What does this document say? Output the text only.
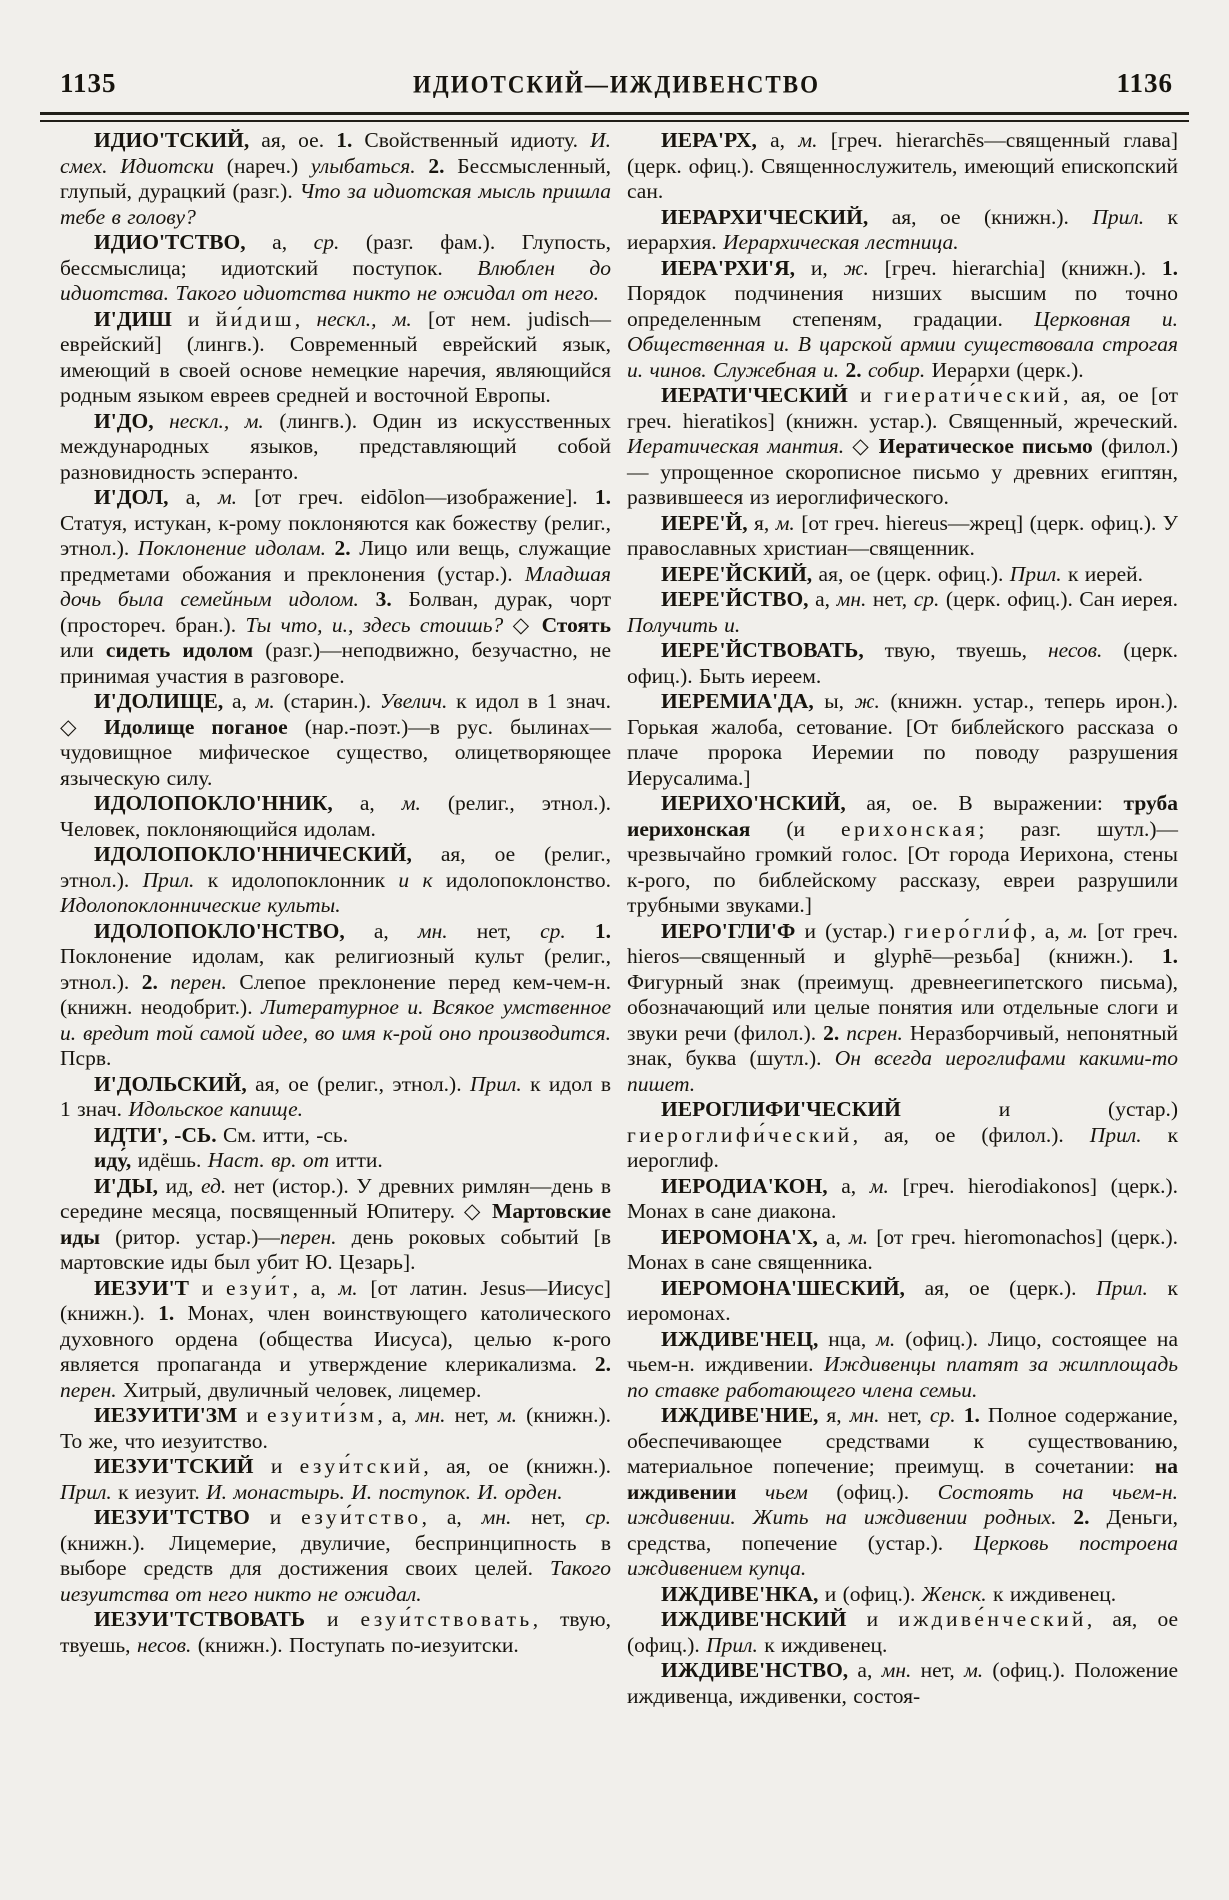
1135	ИДИОТСКИЙ—ИЖДИВЕНСТВО	1136

ИДИО'ТСКИЙ, ая, ое. 1. Свойственный идиоту. И. смех. Идиотски (нареч.) улыбаться. 2. Бессмысленный, глупый, дурацкий (разг.). Что за идиотская мысль пришла тебе в голову?

ИДИО'ТСТВО, а, ср. (разг. фам.). Глупость, бессмыслица; идиотский поступок. Влюблен до идиотства. Такого идиотства никто не ожидал от него.

И'ДИШ и йи́диш, нескл., м. [от нем. judisch—еврейский] (лингв.). Современный еврейский язык, имеющий в своей основе немецкие наречия, являющийся родным языком евреев средней и восточной Европы.

И'ДО, нескл., м. (лингв.). Один из искусственных международных языков, представляющий собой разновидность эсперанто.

И'ДОЛ, а, м. [от греч. eidōlon—изображение]. 1. Статуя, истукан, к-рому поклоняются как божеству (религ., этнол.). Поклонение идолам. 2. Лицо или вещь, служащие предметами обожания и преклонения (устар.). Младшая дочь была семейным идолом. 3. Болван, дурак, чорт (простореч. бран.). Ты что, и., здесь стоишь? ◇ Стоять или сидеть идолом (разг.)—неподвижно, безучастно, не принимая участия в разговоре.

И'ДОЛИЩЕ, а, м. (старин.). Увелич. к идол в 1 знач. ◇ Идолище поганое (нар.-поэт.)—в рус. былинах—чудовищное мифическое существо, олицетворяющее языческую силу.

ИДОЛОПОКЛО'ННИК, а, м. (религ., этнол.). Человек, поклоняющийся идолам.

ИДОЛОПОКЛО'ННИЧЕСКИЙ, ая, ое (религ., этнол.). Прил. к идолопоклонник и к идолопоклонство. Идолопоклоннические культы.

ИДОЛОПОКЛО'НСТВО, а, мн. нет, ср. 1. Поклонение идолам, как религиозный культ (религ., этнол.). 2. перен. Слепое преклонение перед кем-чем-н. (книжн. неодобрит.). Литературное и. Всякое умственное и. вредит той самой идее, во имя к-рой оно производится. Псрв.

И'ДОЛЬСКИЙ, ая, ое (религ., этнол.). Прил. к идол в 1 знач. Идольское капище.

ИДТИ', -СЬ. См. итти, -сь.

иду́, идёшь. Наст. вр. от итти.

И'ДЫ, ид, ед. нет (истор.). У древних римлян—день в середине месяца, посвященный Юпитеру. ◇ Мартовские иды (ритор. устар.)—перен. день роковых событий [в мартовские иды был убит Ю. Цезарь].

ИЕЗУИ'Т и езуи́т, а, м. [от латин. Jesus—Иисус] (книжн.). 1. Монах, член воинствующего католического духовного ордена (общества Иисуса), целью к-рого является пропаганда и утверждение клерикализма. 2. перен. Хитрый, двуличный человек, лицемер.

ИЕЗУИТИ'ЗМ и езуити́зм, а, мн. нет, м. (книжн.). То же, что иезуитство.

ИЕЗУИ'ТСКИЙ и езуи́тский, ая, ое (книжн.). Прил. к иезуит. И. монастырь. И. поступок. И. орден.

ИЕЗУИ'ТСТВО и езуи́тство, а, мн. нет, ср. (книжн.). Лицемерие, двуличие, беспринципность в выборе средств для достижения своих целей. Такого иезуитства от него никто не ожидал.

ИЕЗУИ'ТСТВОВАТЬ и езуи́тствовать, твую, твуешь, несов. (книжн.). Поступать по-иезуитски.

ИЕРА'РХ, а, м. [греч. hierarchēs—священный глава] (церк. офиц.). Священнослужитель, имеющий епископский сан.

ИЕРАРХИ'ЧЕСКИЙ, ая, ое (книжн.). Прил. к иерархия. Иерархическая лестница.

ИЕРА'РХИ'Я, и, ж. [греч. hierarchia] (книжн.). 1. Порядок подчинения низших высшим по точно определенным степеням, градации. Церковная и. Общественная и. В царской армии существовала строгая и. чинов. Служебная и. 2. собир. Иерархи (церк.).

ИЕРАТИ'ЧЕСКИЙ и гиерати́ческий, ая, ое [от греч. hieratikos] (книжн. устар.). Священный, жреческий. Иератическая мантия. ◇ Иератическое письмо (филол.) — упрощенное скорописное письмо у древних египтян, развившееся из иероглифического.

ИЕРЕ'Й, я, м. [от греч. hiereus—жрец] (церк. офиц.). У православных христиан—священник.

ИЕРЕ'ЙСКИЙ, ая, ое (церк. офиц.). Прил. к иерей.

ИЕРЕ'ЙСТВО, а, мн. нет, ср. (церк. офиц.). Сан иерея. Получить и.

ИЕРЕ'ЙСТВОВАТЬ, твую, твуешь, несов. (церк. офиц.). Быть иереем.

ИЕРЕМИА'ДА, ы, ж. (книжн. устар., теперь ирон.). Горькая жалоба, сетование. [От библейского рассказа о плаче пророка Иеремии по поводу разрушения Иерусалима.]

ИЕРИХО'НСКИЙ, ая, ое. В выражении: труба иерихонская (и ерихонская; разг. шутл.)—чрезвычайно громкий голос. [От города Иерихона, стены к-рого, по библейскому рассказу, евреи разрушили трубными звуками.]

ИЕРО'ГЛИ'Ф и (устар.) гиеро́гли́ф, а, м. [от греч. hieros—священный и glyphē—резьба] (книжн.). 1. Фигурный знак (преимущ. древнеегипетского письма), обозначающий или целые понятия или отдельные слоги и звуки речи (филол.). 2. псрен. Неразборчивый, непонятный знак, буква (шутл.). Он всегда иероглифами какими-то пишет.

ИЕРОГЛИФИ'ЧЕСКИЙ и (устар.) гиероглифи́ческий, ая, ое (филол.). Прил. к иероглиф.

ИЕРОДИА'КОН, а, м. [греч. hierodiakonos] (церк.). Монах в сане диакона.

ИЕРОМОНА'Х, а, м. [от греч. hieromonachos] (церк.). Монах в сане священника.

ИЕРОМОНА'ШЕСКИЙ, ая, ое (церк.). Прил. к иеромонах.

ИЖДИВЕ'НЕЦ, нца, м. (офиц.). Лицо, состоящее на чьем-н. иждивении. Иждивенцы платят за жилплощадь по ставке работающего члена семьи.

ИЖДИВЕ'НИЕ, я, мн. нет, ср. 1. Полное содержание, обеспечивающее средствами к существованию, материальное попечение; преимущ. в сочетании: на иждивении чьем (офиц.). Состоять на чьем-н. иждивении. Жить на иждивении родных. 2. Деньги, средства, попечение (устар.). Церковь построена иждивением купца.

ИЖДИВЕ'НКА, и (офиц.). Женск. к иждивенец.

ИЖДИВЕ'НСКИЙ и иждиве́нческий, ая, ое (офиц.). Прил. к иждивенец.

ИЖДИВЕ'НСТВО, а, мн. нет, м. (офиц.). Положение иждивенца, иждивенки, состоя-
